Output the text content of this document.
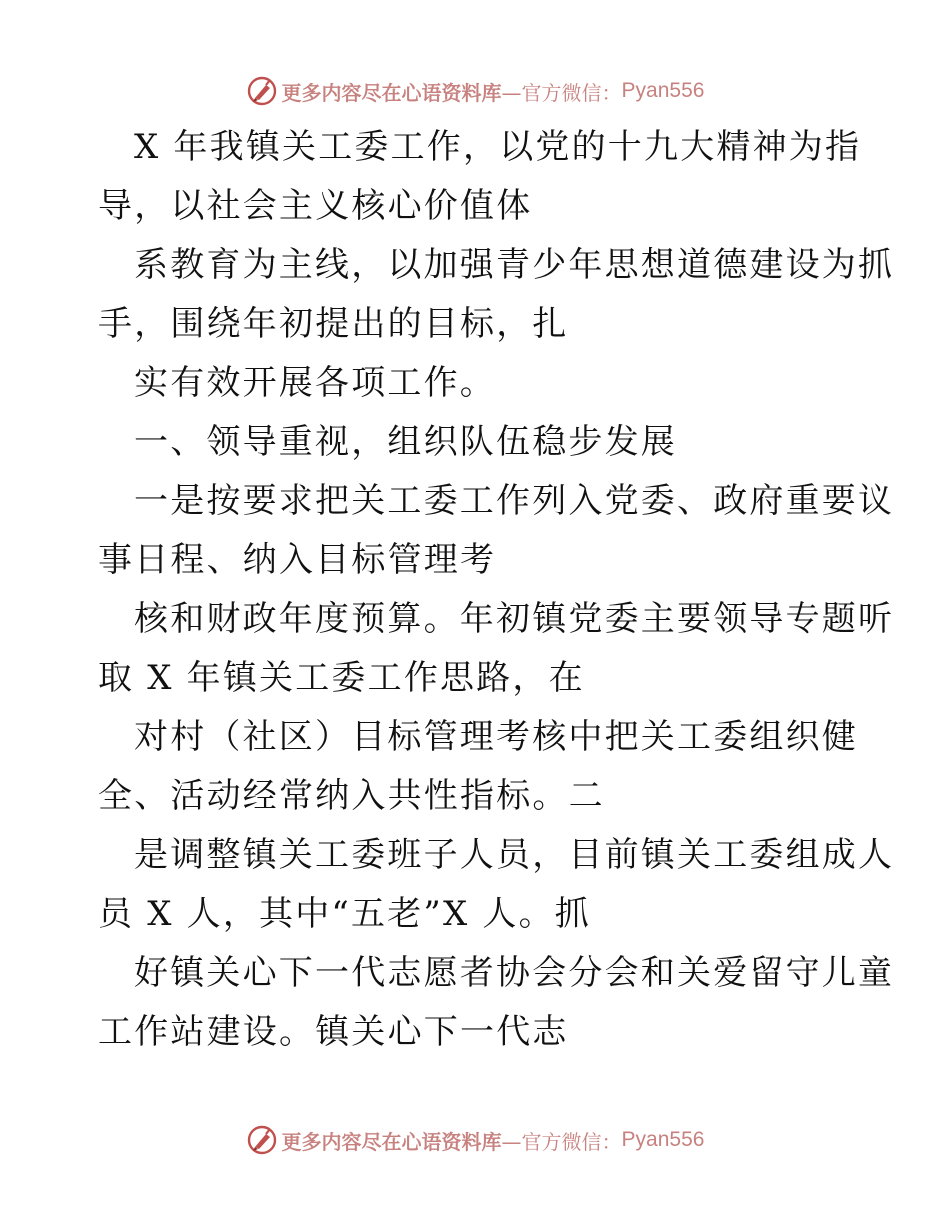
更多内容尽在心语资料库 —官方微信： Pyan556
X 年我镇关工委工作，以党的十九大精神为指
导，以社会主义核心价值体
系教育为主线，以加强青少年思想道德建设为抓
手，围绕年初提出的目标，扎
实有效开展各项工作。
一、领导重视，组织队伍稳步发展
一是按要求把关工委工作列入党委、政府重要议
事日程、纳入目标管理考
核和财政年度预算。年初镇党委主要领导专题听
取 X 年镇关工委工作思路，在
对村（社区）目标管理考核中把关工委组织健
全、活动经常纳入共性指标。二
是调整镇关工委班子人员，目前镇关工委组成人
员 X 人，其中“五老”X 人。抓
好镇关心下一代志愿者协会分会和关爱留守儿童
工作站建设。镇关心下一代志
更多内容尽在心语资料库 —官方微信： Pyan556
